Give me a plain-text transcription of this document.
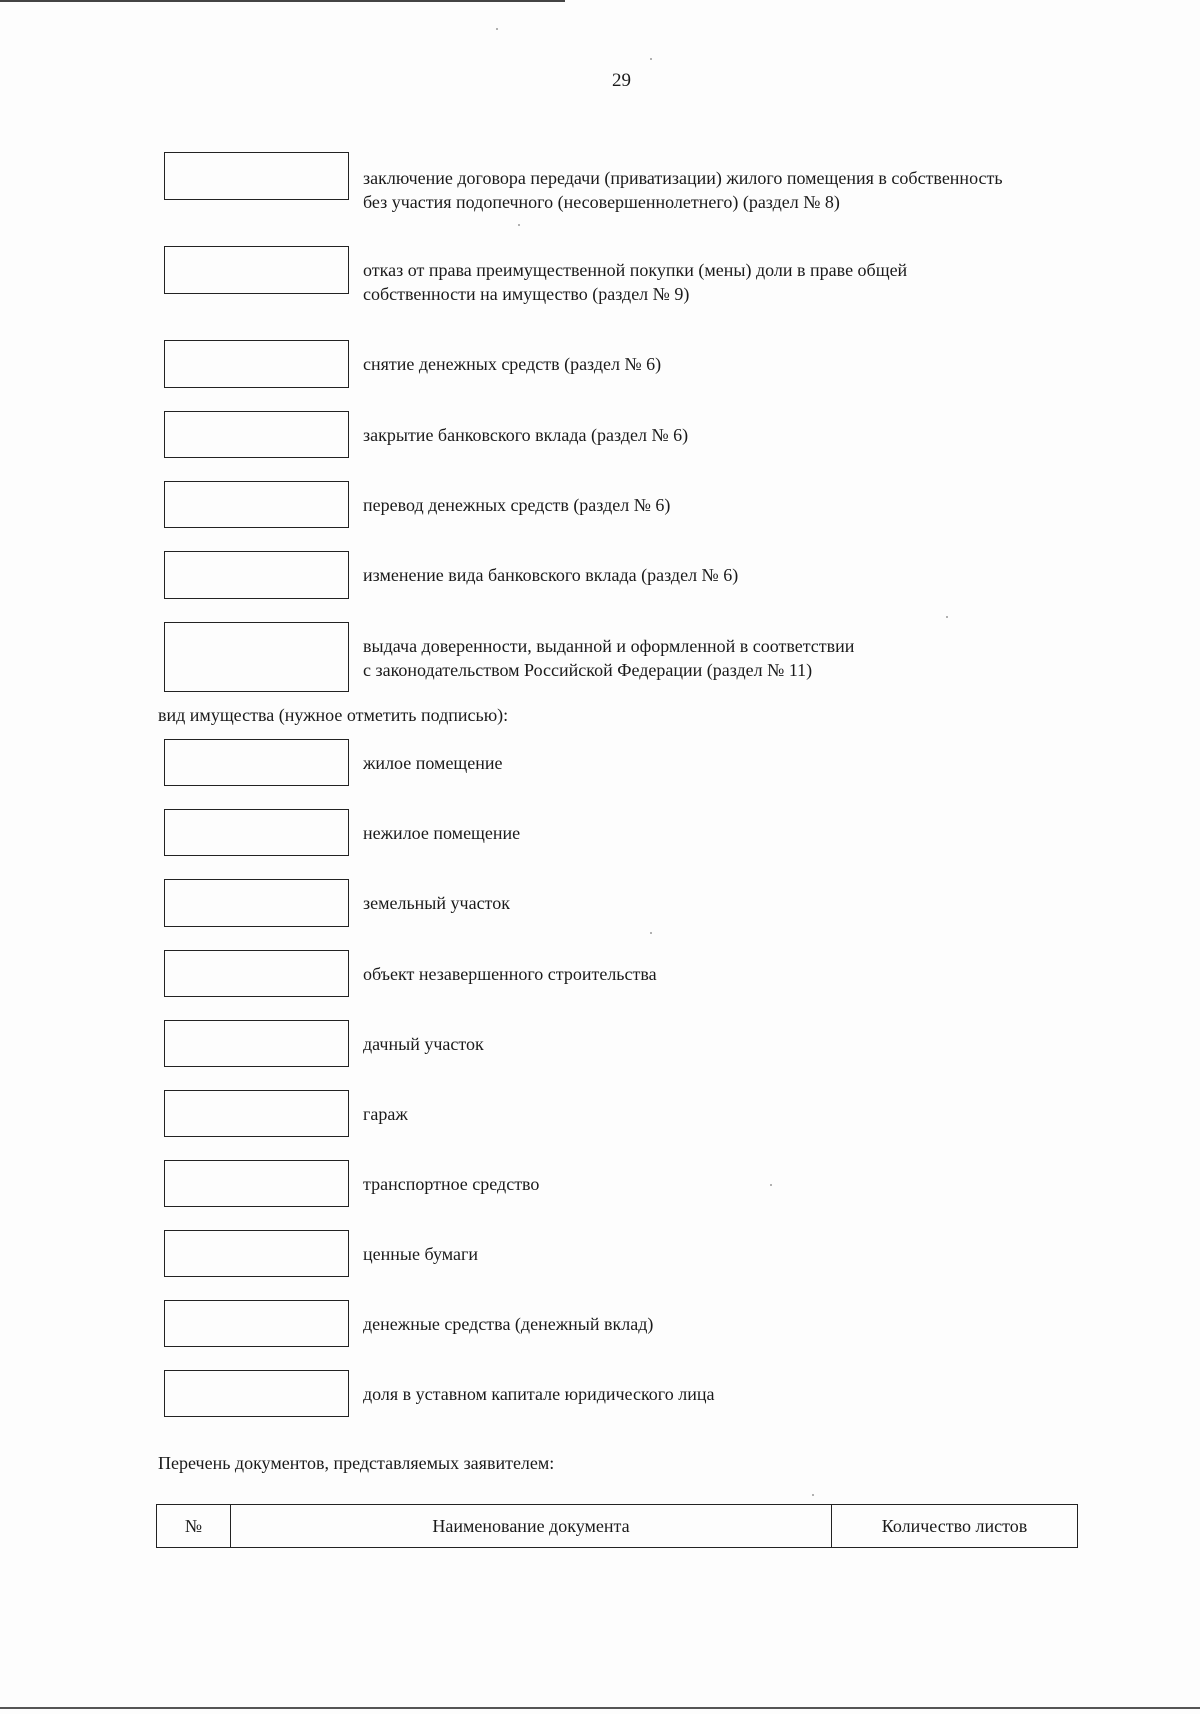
29
заключение договора передачи (приватизации) жилого помещения в собственность
без участия подопечного (несовершеннолетнего) (раздел № 8)
отказ от права преимущественной покупки (мены) доли в праве общей
собственности на имущество (раздел № 9)
снятие денежных средств (раздел № 6)
закрытие банковского вклада (раздел № 6)
перевод денежных средств (раздел № 6)
изменение вида банковского вклада (раздел № 6)
выдача доверенности, выданной и оформленной в соответствии
с законодательством Российской Федерации (раздел № 11)
вид имущества (нужное отметить подписью):
жилое помещение
нежилое помещение
земельный участок
объект незавершенного строительства
дачный участок
гараж
транспортное средство
ценные бумаги
денежные средства (денежный вклад)
доля в уставном капитале юридического лица
Перечень документов, представляемых заявителем:
№	Наименование документа	Количество листов
